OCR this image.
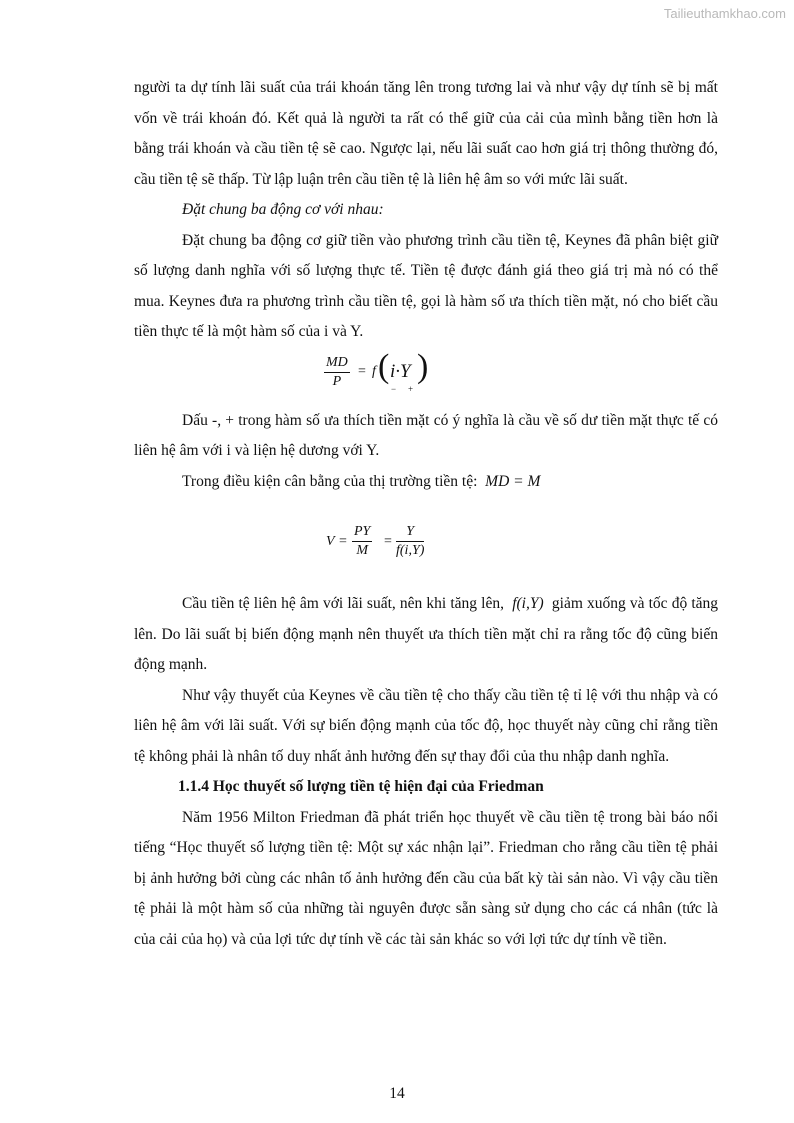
Tailieuthamkhao.com

người ta dự tính lãi suất của trái khoán tăng lên trong tương lai và như vậy dự tính sẽ bị mất vốn về trái khoán đó. Kết quả là người ta rất có thể giữ của cải của mình bằng tiền hơn là bằng trái khoán và cầu tiền tệ sẽ cao. Ngược lại, nếu lãi suất cao hơn giá trị thông thường đó, cầu tiền tệ sẽ thấp. Từ lập luận trên cầu tiền tệ là liên hệ âm so với mức lãi suất.

Đặt chung ba động cơ với nhau:

Đặt chung ba động cơ giữ tiền vào phương trình cầu tiền tệ, Keynes đã phân biệt giữ số lượng danh nghĩa với số lượng thực tế. Tiền tệ được đánh giá theo giá trị mà nó có thể mua. Keynes đưa ra phương trình cầu tiền tệ, gọi là hàm số ưa thích tiền mặt, nó cho biết cầu tiền thực tế là một hàm số của i và Y.

$\frac{MD}{P} = f$ ( i·Y
− +
)

Dấu -, + trong hàm số ưa thích tiền mặt có ý nghĩa là cầu về số dư tiền mặt thực tế có liên hệ âm với i và liện hệ dương với Y.

Trong điều kiện cân bằng của thị trường tiền tệ: MD = M

$V = \frac{PY}{M} = \frac{Y}{f(i,Y)}$

Cầu tiền tệ liên hệ âm với lãi suất, nên khi tăng lên, f(i,Y) giảm xuống và tốc độ tăng lên. Do lãi suất bị biến động mạnh nên thuyết ưa thích tiền mặt chỉ ra rằng tốc độ cũng biến động mạnh.

Như vậy thuyết của Keynes về cầu tiền tệ cho thấy cầu tiền tệ tỉ lệ với thu nhập và có liên hệ âm với lãi suất. Với sự biến động mạnh của tốc độ, học thuyết này cũng chỉ rằng tiền tệ không phải là nhân tố duy nhất ảnh hưởng đến sự thay đổi của thu nhập danh nghĩa.

1.1.4 Học thuyết số lượng tiền tệ hiện đại của Friedman

Năm 1956 Milton Friedman đã phát triển học thuyết về cầu tiền tệ trong bài báo nổi tiếng “Học thuyết số lượng tiền tệ: Một sự xác nhận lại”. Friedman cho rằng cầu tiền tệ phải bị ảnh hưởng bởi cùng các nhân tố ảnh hưởng đến cầu của bất kỳ tài sản nào. Vì vậy cầu tiền tệ phải là một hàm số của những tài nguyên được sẵn sàng sử dụng cho các cá nhân (tức là của cải của họ) và của lợi tức dự tính về các tài sản khác so với lợi tức dự tính về tiền.

14
